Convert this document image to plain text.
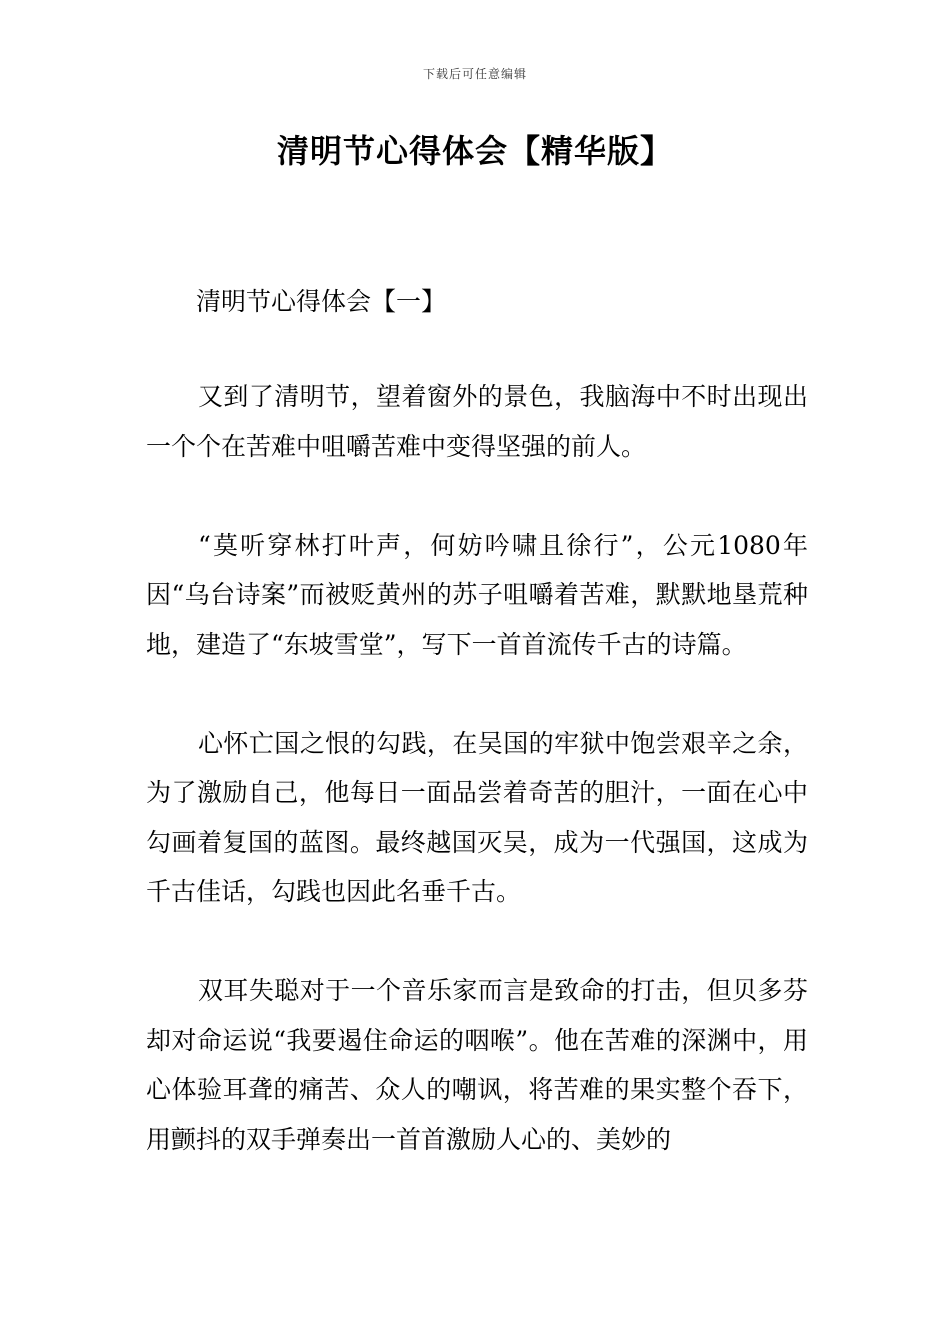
下载后可任意编辑
清明节心得体会【精华版】
清明节心得体会【一】

又到了清明节，望着窗外的景色，我脑海中不时出现出一个个在苦难中咀嚼苦难中变得坚强的前人。

“莫听穿林打叶声，何妨吟啸且徐行”，公元1080年因“乌台诗案”而被贬黄州的苏子咀嚼着苦难，默默地垦荒种地，建造了“东坡雪堂”，写下一首首流传千古的诗篇。

心怀亡国之恨的勾践，在吴国的牢狱中饱尝艰辛之余，为了激励自己，他每日一面品尝着奇苦的胆汁，一面在心中勾画着复国的蓝图。最终越国灭吴，成为一代强国，这成为千古佳话，勾践也因此名垂千古。

双耳失聪对于一个音乐家而言是致命的打击，但贝多芬却对命运说“我要遏住命运的咽喉”。他在苦难的深渊中，用心体验耳聋的痛苦、众人的嘲讽，将苦难的果实整个吞下，用颤抖的双手弹奏出一首首激励人心的、美妙的
